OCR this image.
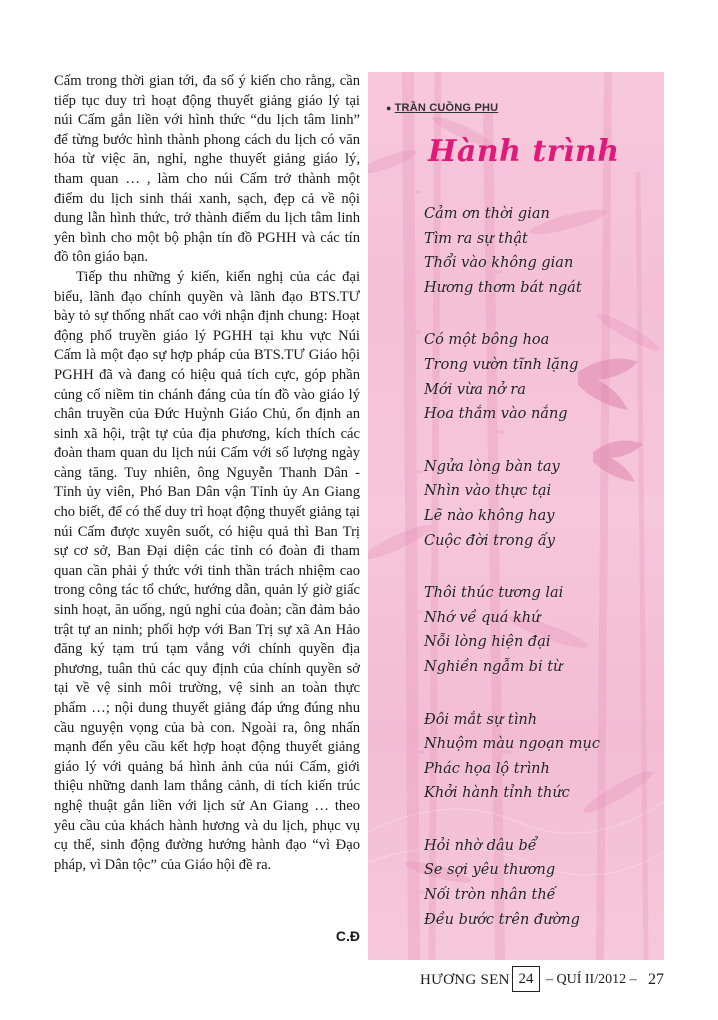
Cấm trong thời gian tới, đa số ý kiến cho rằng, cần tiếp tục duy trì hoạt động thuyết giảng giáo lý tại núi Cấm gắn liền với hình thức “du lịch tâm linh” để từng bước hình thành phong cách du lịch có văn hóa từ việc ăn, nghỉ, nghe thuyết giảng giáo lý, tham quan … , làm cho núi Cấm trở thành một điểm du lịch sinh thái xanh, sạch, đẹp cả về nội dung lẫn hình thức, trở thành điểm du lịch tâm linh yên bình cho một bộ phận tín đồ PGHH và các tín đồ tôn giáo bạn.

Tiếp thu những ý kiến, kiến nghị của các đại biểu, lãnh đạo chính quyền và lãnh đạo BTS.TƯ bày tỏ sự thống nhất cao với nhận định chung: Hoạt động phổ truyền giáo lý PGHH tại khu vực Núi Cấm là một đạo sự hợp pháp của BTS.TƯ Giáo hội PGHH đã và đang có hiệu quả tích cực, góp phần củng cố niềm tin chánh đáng của tín đồ vào giáo lý chân truyền của Đức Huỳnh Giáo Chủ, ổn định an sinh xã hội, trật tự của địa phương, kích thích các đoàn tham quan du lịch núi Cấm với số lượng ngày càng tăng. Tuy nhiên, ông Nguyễn Thanh Dân - Tỉnh ủy viên, Phó Ban Dân vận Tỉnh ủy An Giang cho biết, để có thể duy trì hoạt động thuyết giảng tại núi Cấm được xuyên suốt, có hiệu quả thì Ban Trị sự cơ sở, Ban Đại diện các tỉnh có đoàn đi tham quan cần phải ý thức với tinh thần trách nhiệm cao trong công tác tổ chức, hướng dẫn, quản lý giờ giấc sinh hoạt, ăn uống, ngủ nghỉ của đoàn; cần đảm bảo trật tự an ninh; phối hợp với Ban Trị sự xã An Hảo đăng ký tạm trú tạm vắng với chính quyền địa phương, tuân thủ các quy định của chính quyền sở tại về vệ sinh môi trường, vệ sinh an toàn thực phẩm …; nội dung thuyết giảng đáp ứng đúng nhu cầu nguyện vọng của bà con. Ngoài ra, ông nhấn mạnh đến yêu cầu kết hợp hoạt động thuyết giảng giáo lý với quảng bá hình ảnh của núi Cấm, giới thiệu những danh lam thắng cảnh, di tích kiến trúc nghệ thuật gắn liền với lịch sử An Giang … theo yêu cầu của khách hành hương và du lịch, phục vụ cụ thể, sinh động đường hướng hành đạo “vì Đạo pháp, vì Dân tộc” của Giáo hội đề ra.

C.Đ
● TRẦN CUỒNG PHU
Hành trình
Cảm ơn thời gian
Tìm ra sự thật
Thổi vào không gian
Hương thơm bát ngát
Có một bông hoa
Trong vườn tĩnh lặng
Mới vừa nở ra
Hoa thắm vào nắng
Ngửa lòng bàn tay
Nhìn vào thực tại
Lẽ nào không hay
Cuộc đời trong ấy
Thôi thúc tương lai
Nhớ về quá khứ
Nỗi lòng hiện đại
Nghiền ngẫm bi từ
Đôi mắt sự tình
Nhuộm màu ngoạn mục
Phác họa lộ trình
Khởi hành tỉnh thức
Hỏi nhờ dâu bể
Se sợi yêu thương
Nối tròn nhân thế
Đều bước trên đường
HƯƠNG SEN 24 – QUÍ II/2012 – 27
